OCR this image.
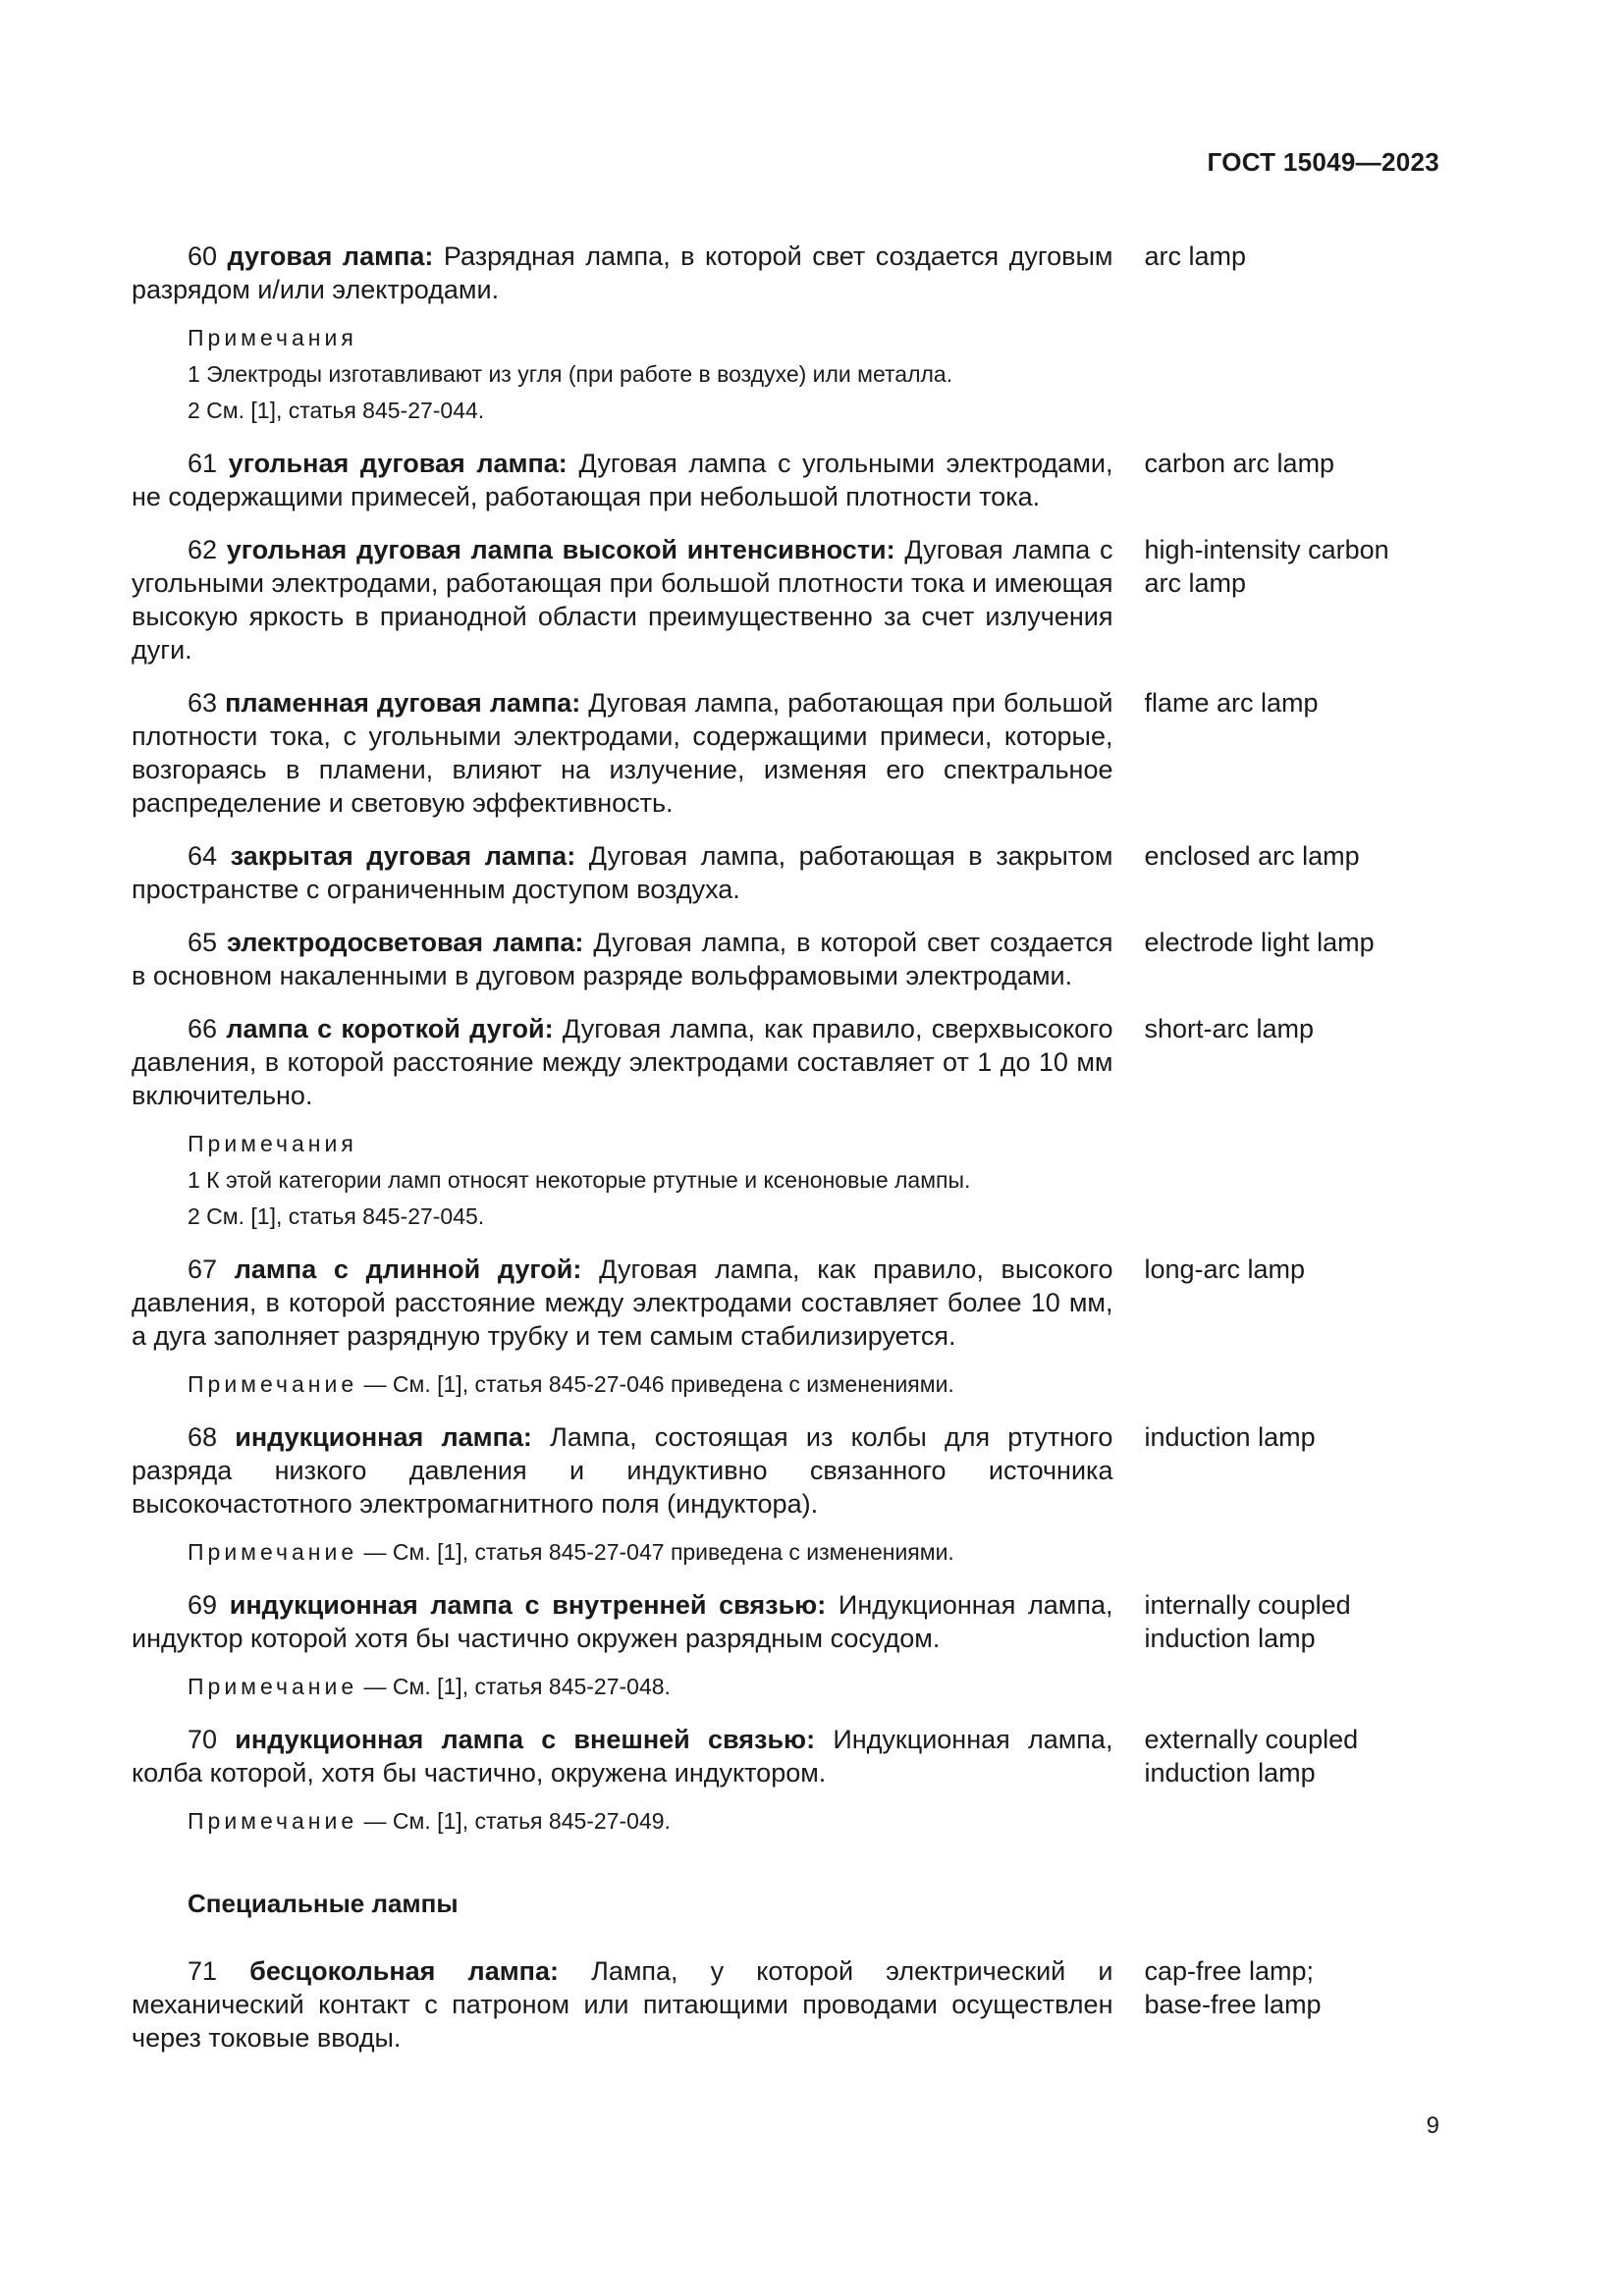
ГОСТ 15049—2023
60 дуговая лампа: Разрядная лампа, в которой свет создается дуговым разрядом и/или электродами.
arc lamp
Примечания
1 Электроды изготавливают из угля (при работе в воздухе) или металла.
2 См. [1], статья 845-27-044.
61 угольная дуговая лампа: Дуговая лампа с угольными электродами, не содержащими примесей, работающая при небольшой плотности тока.
carbon arc lamp
62 угольная дуговая лампа высокой интенсивности: Дуговая лампа с угольными электродами, работающая при большой плотности тока и имеющая высокую яркость в прианодной области преимущественно за счет излучения дуги.
high-intensity carbon
arc lamp
63 пламенная дуговая лампа: Дуговая лампа, работающая при большой плотности тока, с угольными электродами, содержащими примеси, которые, возгораясь в пламени, влияют на излучение, изменяя его спектральное распределение и световую эффективность.
flame arc lamp
64 закрытая дуговая лампа: Дуговая лампа, работающая в закрытом пространстве с ограниченным доступом воздуха.
enclosed arc lamp
65 электродосветовая лампа: Дуговая лампа, в которой свет создается в основном накаленными в дуговом разряде вольфрамовыми электродами.
electrode light lamp
66 лампа с короткой дугой: Дуговая лампа, как правило, сверхвысокого давления, в которой расстояние между электродами составляет от 1 до 10 мм включительно.
short-arc lamp
Примечания
1 К этой категории ламп относят некоторые ртутные и ксеноновые лампы.
2 См. [1], статья 845-27-045.
67 лампа с длинной дугой: Дуговая лампа, как правило, высокого давления, в которой расстояние между электродами составляет более 10 мм, а дуга заполняет разрядную трубку и тем самым стабилизируется.
long-arc lamp
Примечание — См. [1], статья 845-27-046 приведена с изменениями.
68 индукционная лампа: Лампа, состоящая из колбы для ртутного разряда низкого давления и индуктивно связанного источника высокочастотного электромагнитного поля (индуктора).
induction lamp
Примечание — См. [1], статья 845-27-047 приведена с изменениями.
69 индукционная лампа с внутренней связью: Индукционная лампа, индуктор которой хотя бы частично окружен разрядным сосудом.
internally coupled
induction lamp
Примечание — См. [1], статья 845-27-048.
70 индукционная лампа с внешней связью: Индукционная лампа, колба которой, хотя бы частично, окружена индуктором.
externally coupled
induction lamp
Примечание — См. [1], статья 845-27-049.
Специальные лампы
71 бесцокольная лампа: Лампа, у которой электрический и механический контакт с патроном или питающими проводами осуществлен через токовые вводы.
cap-free lamp;
base-free lamp
9
